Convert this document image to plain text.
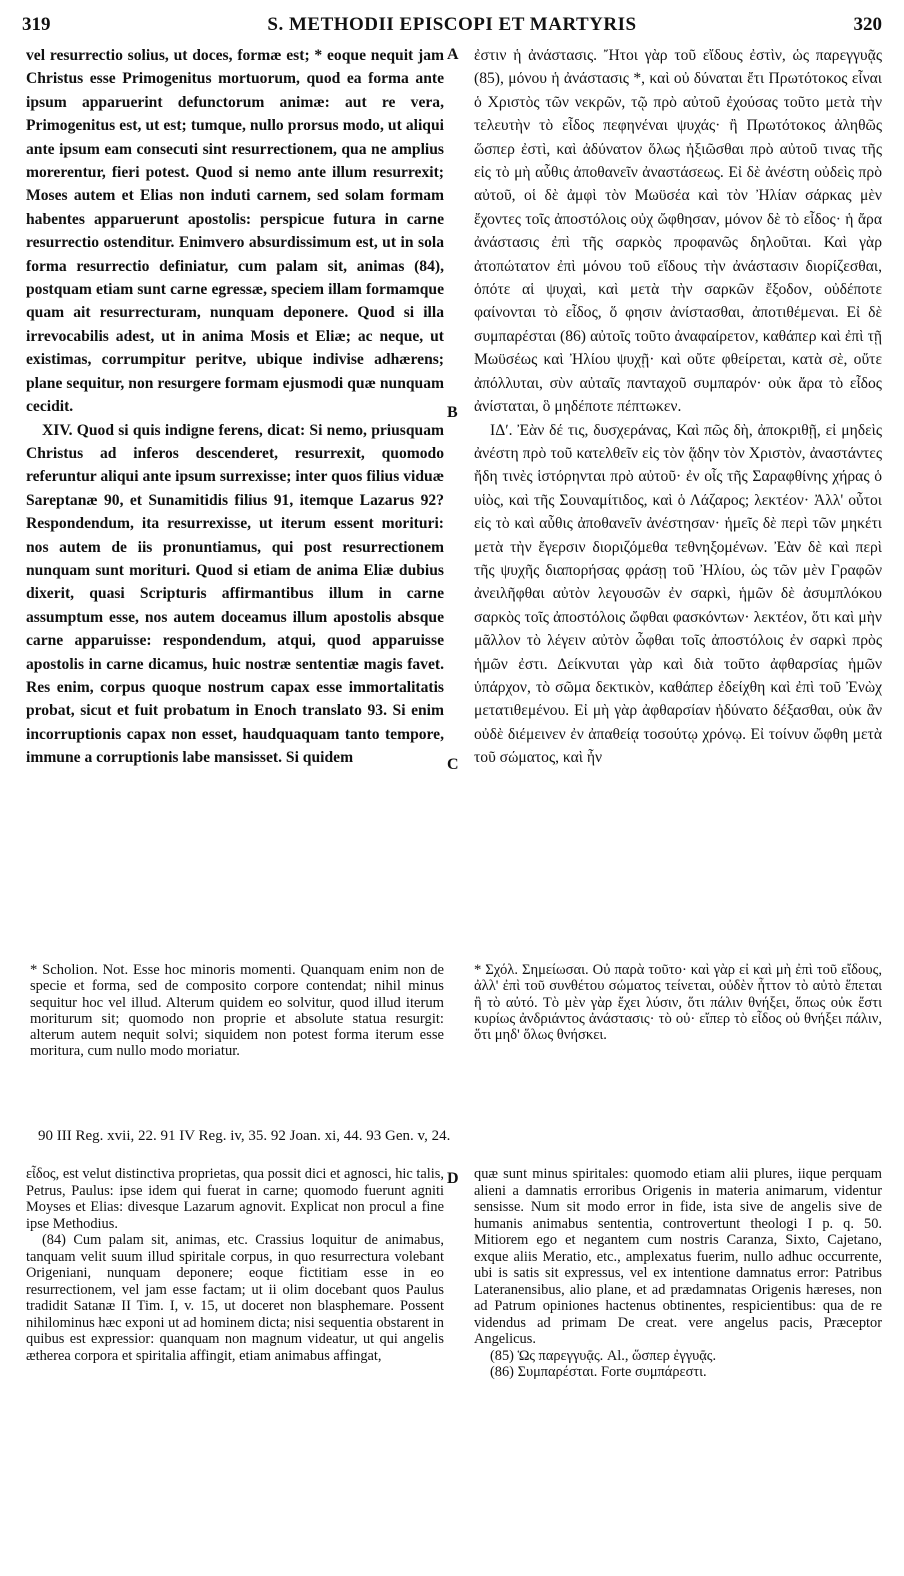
319	S. METHODII EPISCOPI ET MARTYRIS	320

vel resurrectio solius, ut doces, formæ est; * eoque nequit jam Christus esse Primogenitus mortuorum, quod ea forma ante ipsum apparuerint defunctorum animæ: aut re vera, Primogenitus est, ut est; tumque, nullo prorsus modo, ut aliqui ante ipsum eam consecuti sint resurrectionem, qua ne amplius morerentur, fieri potest. Quod si nemo ante illum resurrexit; Moses autem et Elias non induti carnem, sed solam formam habentes apparuerunt apostolis: perspicue futura in carne resurrectio ostenditur. Enimvero absurdissimum est, ut in sola forma resurrectio definiatur, cum palam sit, animas (84), postquam etiam sunt carne egressæ, speciem illam formamque quam ait resurrecturam, nunquam deponere. Quod si illa irrevocabilis adest, ut in anima Mosis et Eliæ; ac neque, ut existimas, corrumpitur peritve, ubique indivise adhærens; plane sequitur, non resurgere formam ejusmodi quæ nunquam cecidit.

XIV. Quod si quis indigne ferens, dicat: Si nemo, priusquam Christus ad inferos descenderet, resurrexit, quomodo referuntur aliqui ante ipsum surrexisse; inter quos filius viduæ Sareptanæ 90, et Sunamitidis filius 91, itemque Lazarus 92? Respondendum, ita resurrexisse, ut iterum essent morituri: nos autem de iis pronuntiamus, qui post resurrectionem nunquam sunt morituri. Quod si etiam de anima Eliæ dubius dixerit, quasi Scripturis affirmantibus illum in carne assumptum esse, nos autem doceamus illum apostolis absque carne apparuisse: respondendum, atqui, quod apparuisse apostolis in carne dicamus, huic nostræ sententiæ magis favet. Res enim, corpus quoque nostrum capax esse immortalitatis probat, sicut et fuit probatum in Enoch translato 93. Si enim incorruptionis capax non esset, haudquaquam tanto tempore, immune a corruptionis labe mansisset. Si quidem

A
B
C
D

ἐστιν ἡ ἀνάστασις. Ἤτοι γὰρ τοῦ εἴδους ἐστὶν, ὡς παρεγγυᾷς (85), μόνου ἡ ἀνάστασις *, καὶ οὐ δύναται ἔτι Πρωτότοκος εἶναι ὁ Χριστὸς τῶν νεκρῶν, τῷ πρὸ αὐτοῦ ἐχούσας τοῦτο μετὰ τὴν τελευτὴν τὸ εἶδος πεφηνέναι ψυχάς· ἢ Πρωτότοκος ἀληθῶς ὥσπερ ἐστὶ, καὶ ἀδύνατον ὅλως ἠξιῶσθαι πρὸ αὐτοῦ τινας τῆς εἰς τὸ μὴ αὖθις ἀποθανεῖν ἀναστάσεως. Εἰ δὲ ἀνέστη οὐδεὶς πρὸ αὐτοῦ, οἱ δὲ ἀμφὶ τὸν Μωϋσέα καὶ τὸν Ἠλίαν σάρκας μὲν ἔχοντες τοῖς ἀποστόλοις οὐχ ὤφθησαν, μόνον δὲ τὸ εἶδος· ἡ ἄρα ἀνάστασις ἐπὶ τῆς σαρκὸς προφανῶς δηλοῦται. Καὶ γὰρ ἀτοπώτατον ἐπὶ μόνου τοῦ εἴδους τὴν ἀνάστασιν διορίζεσθαι, ὁπότε αἱ ψυχαὶ, καὶ μετὰ τὴν σαρκῶν ἔξοδον, οὐδέποτε φαίνονται τὸ εἶδος, ὅ φησιν ἀνίστασθαι, ἀποτιθέμεναι. Εἰ δὲ συμπαρέσται (86) αὐτοῖς τοῦτο ἀναφαίρετον, καθάπερ καὶ ἐπὶ τῇ Μωϋσέως καὶ Ἠλίου ψυχῇ· καὶ οὔτε φθείρεται, κατὰ σὲ, οὔτε ἀπόλλυται, σὺν αὐταῖς πανταχοῦ συμπαρόν· οὐκ ἄρα τὸ εἶδος ἀνίσταται, ὃ μηδέποτε πέπτωκεν.

ΙΔʹ. Ἐὰν δέ τις, δυσχεράνας, Καὶ πῶς δὴ, ἀποκριθῇ, εἰ μηδεὶς ἀνέστη πρὸ τοῦ κατελθεῖν εἰς τὸν ᾅδην τὸν Χριστὸν, ἀναστάντες ἤδη τινὲς ἱστόρηνται πρὸ αὐτοῦ· ἐν οἷς τῆς Σαραφθίνης χήρας ὁ υἱὸς, καὶ τῆς Σουναμίτιδος, καὶ ὁ Λάζαρος; λεκτέον· Ἀλλ' οὗτοι εἰς τὸ καὶ αὖθις ἀποθανεῖν ἀνέστησαν· ἡμεῖς δὲ περὶ τῶν μηκέτι μετὰ τὴν ἔγερσιν διοριζόμεθα τεθνηξομένων. Ἐὰν δὲ καὶ περὶ τῆς ψυχῆς διαπορήσας φράσῃ τοῦ Ἠλίου, ὡς τῶν μὲν Γραφῶν ἀνειλῆφθαι αὐτὸν λεγουσῶν ἐν σαρκὶ, ἡμῶν δὲ ἀσυμπλόκου σαρκὸς τοῖς ἀποστόλοις ὤφθαι φασκόντων· λεκτέον, ὅτι καὶ μὴν μᾶλλον τὸ λέγειν αὐτὸν ὦφθαι τοῖς ἀποστόλοις ἐν σαρκὶ πρὸς ἡμῶν ἐστι. Δείκνυται γὰρ καὶ διὰ τοῦτο ἀφθαρσίας ἡμῶν ὑπάρχον, τὸ σῶμα δεκτικὸν, καθάπερ ἐδείχθη καὶ ἐπὶ τοῦ Ἐνὼχ μετατιθεμένου. Εἰ μὴ γὰρ ἀφθαρσίαν ἠδύνατο δέξασθαι, οὐκ ἂν οὐδὲ διέμεινεν ἐν ἀπαθείᾳ τοσούτῳ χρόνῳ. Εἰ τοίνυν ὤφθη μετὰ τοῦ σώματος, καὶ ἦν

* Scholion. Not. Esse hoc minoris momenti. Quanquam enim non de specie et forma, sed de composito corpore contendat; nihil minus sequitur hoc vel illud. Alterum quidem eo solvitur, quod illud iterum moriturum sit; quomodo non proprie et absolute statua resurgit: alterum autem nequit solvi; siquidem non potest forma iterum esse moritura, cum nullo modo moriatur.

* Σχόλ. Σημείωσαι. Οὐ παρὰ τοῦτο· καὶ γὰρ εἰ καὶ μὴ ἐπὶ τοῦ εἴδους, ἀλλ' ἐπὶ τοῦ συνθέτου σώματος τείνεται, οὐδὲν ἧττον τὸ αὐτὸ ἕπεται ἢ τὸ αὐτό. Τὸ μὲν γὰρ ἔχει λύσιν, ὅτι πάλιν θνήξει, ὅπως οὐκ ἔστι κυρίως ἀνδριάντος ἀνάστασις· τὸ οὐ· εἴπερ τὸ εἶδος οὐ θνήξει πάλιν, ὅτι μηδ' ὅλως θνήσκει.

90 III Reg. xvii, 22. 91 IV Reg. iv, 35. 92 Joan. xi, 44. 93 Gen. v, 24.

εἶδος, est velut distinctiva proprietas, qua possit dici et agnosci, hic talis, Petrus, Paulus: ipse idem qui fuerat in carne; quomodo fuerunt agniti Moyses et Elias: divesque Lazarum agnovit. Explicat non procul a fine ipse Methodius.

(84) Cum palam sit, animas, etc. Crassius loquitur de animabus, tanquam velit suum illud spiritale corpus, in quo resurrectura volebant Origeniani, nunquam deponere; eoque fictitiam esse in eo resurrectionem, vel jam esse factam; ut ii olim docebant quos Paulus tradidit Satanæ II Tim. I, v. 15, ut doceret non blasphemare. Possent nihilominus hæc exponi ut ad hominem dicta; nisi sequentia obstarent in quibus est expressior: quanquam non magnum videatur, ut qui angelis ætherea corpora et spiritalia affingit, etiam animabus affingat,

quæ sunt minus spiritales: quomodo etiam alii plures, iique perquam alieni a damnatis erroribus Origenis in materia animarum, videntur sensisse. Num sit modo error in fide, ista sive de angelis sive de humanis animabus sententia, controvertunt theologi I p. q. 50. Mitiorem ego et negantem cum nostris Caranza, Sixto, Cajetano, exque aliis Meratio, etc., amplexatus fuerim, nullo adhuc occurrente, ubi is satis sit expressus, vel ex intentione damnatus error: Patribus Lateranensibus, alio plane, et ad prædamnatas Origenis hæreses, non ad Patrum opiniones hactenus obtinentes, respicientibus: qua de re videndus ad primam De creat. vere angelus pacis, Præceptor Angelicus.

(85) Ὡς παρεγγυᾷς. Al., ὥσπερ ἐγγυᾷς.

(86) Συμπαρέσται. Forte συμπάρεστι.
